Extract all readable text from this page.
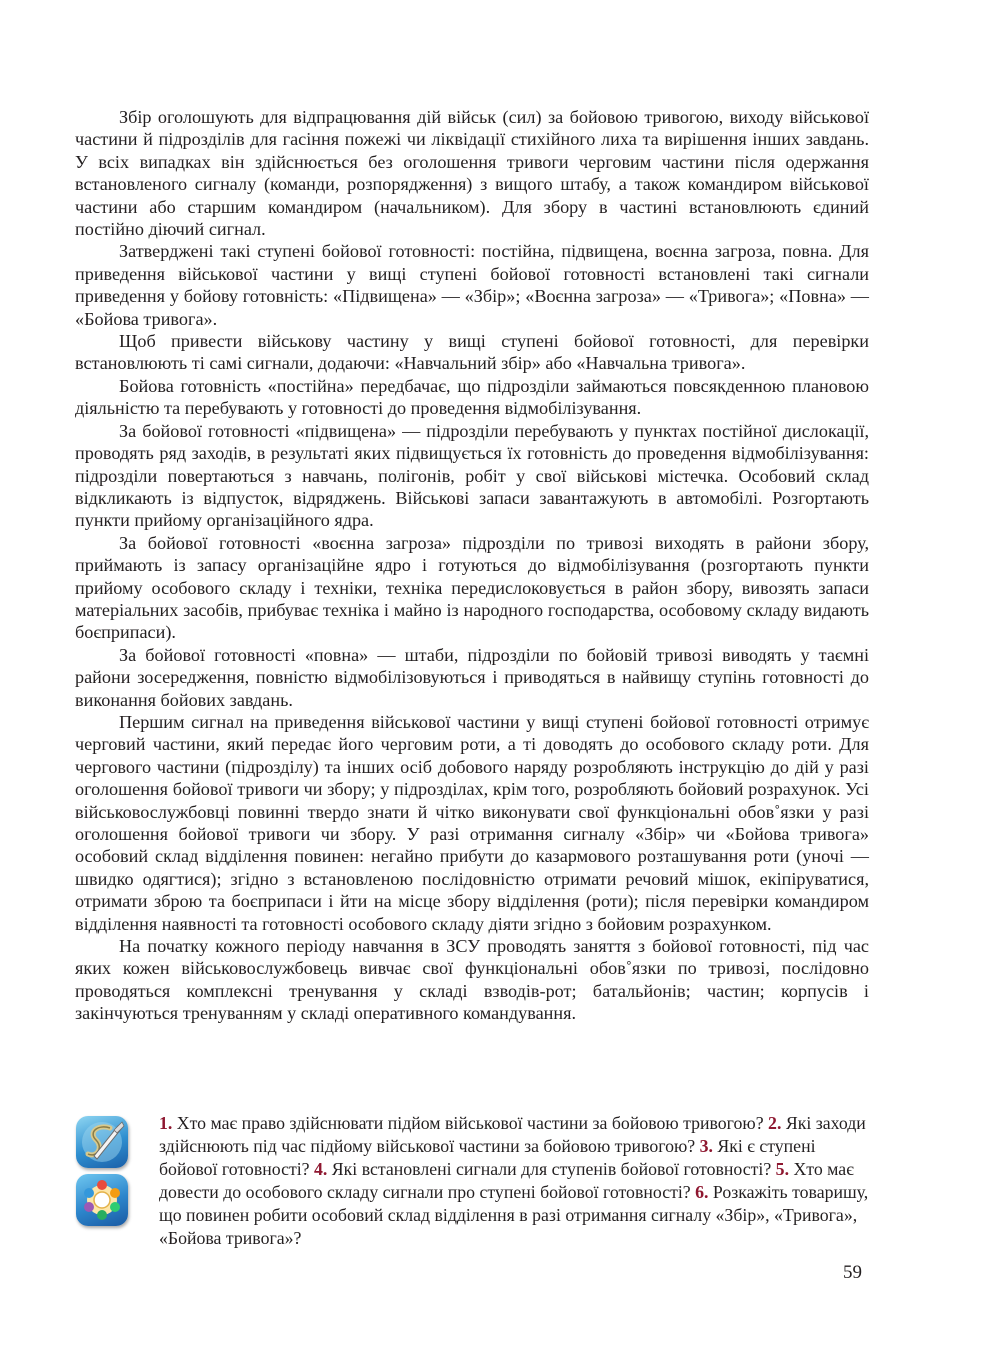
Збір оголошують для відпрацювання дій військ (сил) за бойовою тривогою, виходу військової частини й підрозділів для гасіння пожежі чи ліквідації стихійного лиха та вирішення інших завдань. У всіх випадках він здійснюється без оголошення тривоги черговим частини після одержання встановленого сигналу (команди, розпорядження) з вищого штабу, а також командиром військової частини або старшим командиром (начальником). Для збору в частині встановлюють єдиний постійно діючий сигнал.

Затверджені такі ступені бойової готовності: постійна, підвищена, воєнна загроза, повна. Для приведення військової частини у вищі ступені бойової готовності встановлені такі сигнали приведення у бойову готовність: «Підвищена» — «Збір»; «Воєнна загроза» — «Тривога»; «Повна» — «Бойова тривога».

Щоб привести військову частину у вищі ступені бойової готовності, для перевірки встановлюють ті самі сигнали, додаючи: «Навчальний збір» або «Навчальна тривога».

Бойова готовність «постійна» передбачає, що підрозділи займаються повсякденною плановою діяльністю та перебувають у готовності до проведення відмобілізування.

За бойової готовності «підвищена» — підрозділи перебувають у пунктах постійної дислокації, проводять ряд заходів, в результаті яких підвищується їх готовність до проведення відмобілізування: підрозділи повертаються з навчань, полігонів, робіт у свої військові містечка. Особовий склад відкликають із відпусток, відряджень. Військові запаси завантажують в автомобілі. Розгортають пункти прийому організаційного ядра.

За бойової готовності «воєнна загроза» підрозділи по тривозі виходять в райони збору, приймають із запасу організаційне ядро і готуються до відмобілізування (розгортають пункти прийому особового складу і техніки, техніка передислоковується в район збору, вивозять запаси матеріальних засобів, прибуває техніка і майно із народного господарства, особовому складу видають боєприпаси).

За бойової готовності «повна» — штаби, підрозділи по бойовій тривозі виводять у таємні райони зосередження, повністю відмобілізовуються і приводяться в найвищу ступінь готовності до виконання бойових завдань.

Першим сигнал на приведення військової частини у вищі ступені бойової готовності отримує черговий частини, який передає його черговим роти, а ті доводять до особового складу роти. Для чергового частини (підрозділу) та інших осіб добового наряду розробляють інструкцію до дій у разі оголошення бойової тривоги чи збору; у підрозділах, крім того, розробляють бойовий розрахунок. Усі військовослужбовці повинні твердо знати й чітко виконувати свої функціональні обов˚язки у разі оголошення бойової тривоги чи збору. У разі отримання сигналу «Збір» чи «Бойова тривога» особовий склад відділення повинен: негайно прибути до казармового розташування роти (уночі — швидко одягтися); згідно з встановленою послідовністю отримати речовий мішок, екіпіруватися, отримати зброю та боєприпаси і йти на місце збору відділення (роти); після перевірки командиром відділення наявності та готовності особового складу діяти згідно з бойовим розрахунком.

На початку кожного періоду навчання в ЗСУ проводять заняття з бойової готовності, під час яких кожен військовослужбовець вивчає свої функціональні обов˚язки по тривозі, послідовно проводяться комплексні тренування у складі взводів-рот; батальйонів; частин; корпусів і закінчуються тренуванням у складі оперативного командування.

1. Хто має право здійснювати підйом військової частини за бойовою тривогою? 2. Які заходи здійснюють під час підйому військової частини за бойовою тривогою? 3. Які є ступені бойової готовності? 4. Які встановлені сигнали для ступенів бойової готовності? 5. Хто має довести до особового складу сигнали про ступені бойової готовності? 6. Розкажіть товаришу, що повинен робити особовий склад відділення в разі отримання сигналу «Збір», «Тривога», «Бойова тривога»?
59
